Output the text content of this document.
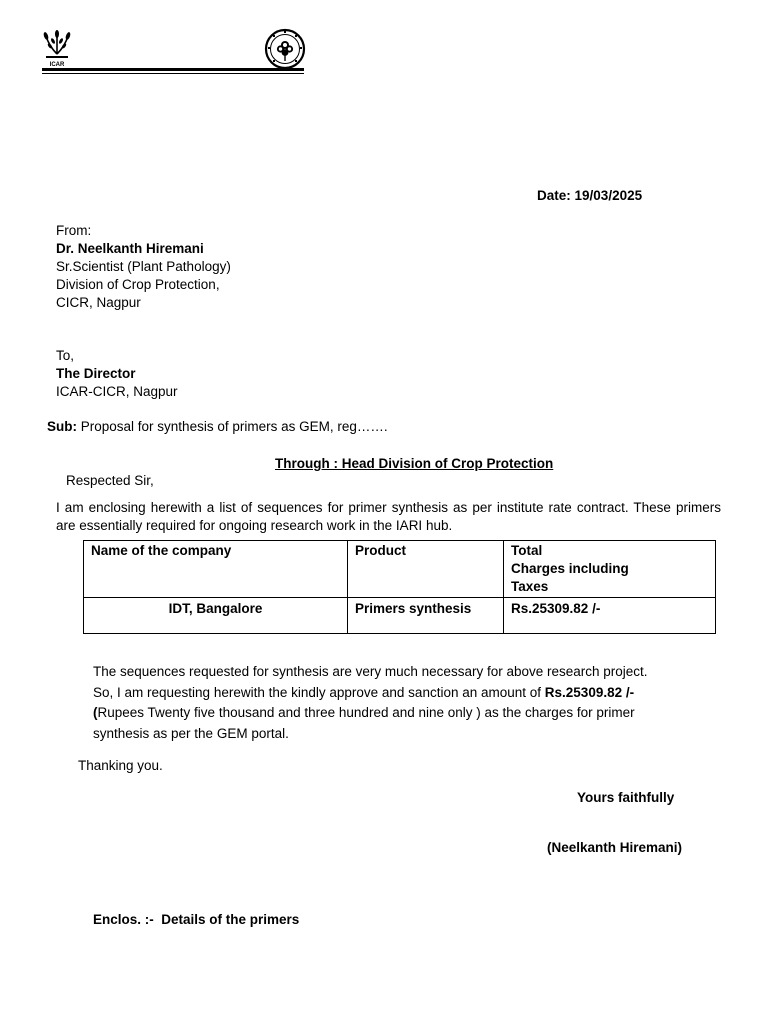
ICAR
Date: 19/03/2025
From:
Dr. Neelkanth Hiremani
Sr.Scientist (Plant Pathology)
Division of Crop Protection,
CICR, Nagpur
To,
The Director
ICAR-CICR, Nagpur
Sub: Proposal for synthesis of primers as GEM, reg…….
Through : Head Division of Crop Protection
Respected Sir,
I am enclosing herewith a list of sequences for primer synthesis as per institute rate contract. These primers are essentially required for ongoing research work in the IARI hub.
Name of the company	Product	Total
Charges including
Taxes

IDT, Bangalore	Primers synthesis	Rs.25309.82 /-
The sequences requested for synthesis are very much necessary for above research project.
So, I am requesting herewith the kindly approve and sanction an amount of Rs.25309.82 /-
(Rupees Twenty five thousand and three hundred and nine only ) as the charges for primer
synthesis as per the GEM portal.
Thanking you.
Yours faithfully
(Neelkanth Hiremani)
Enclos. :- Details of the primers
